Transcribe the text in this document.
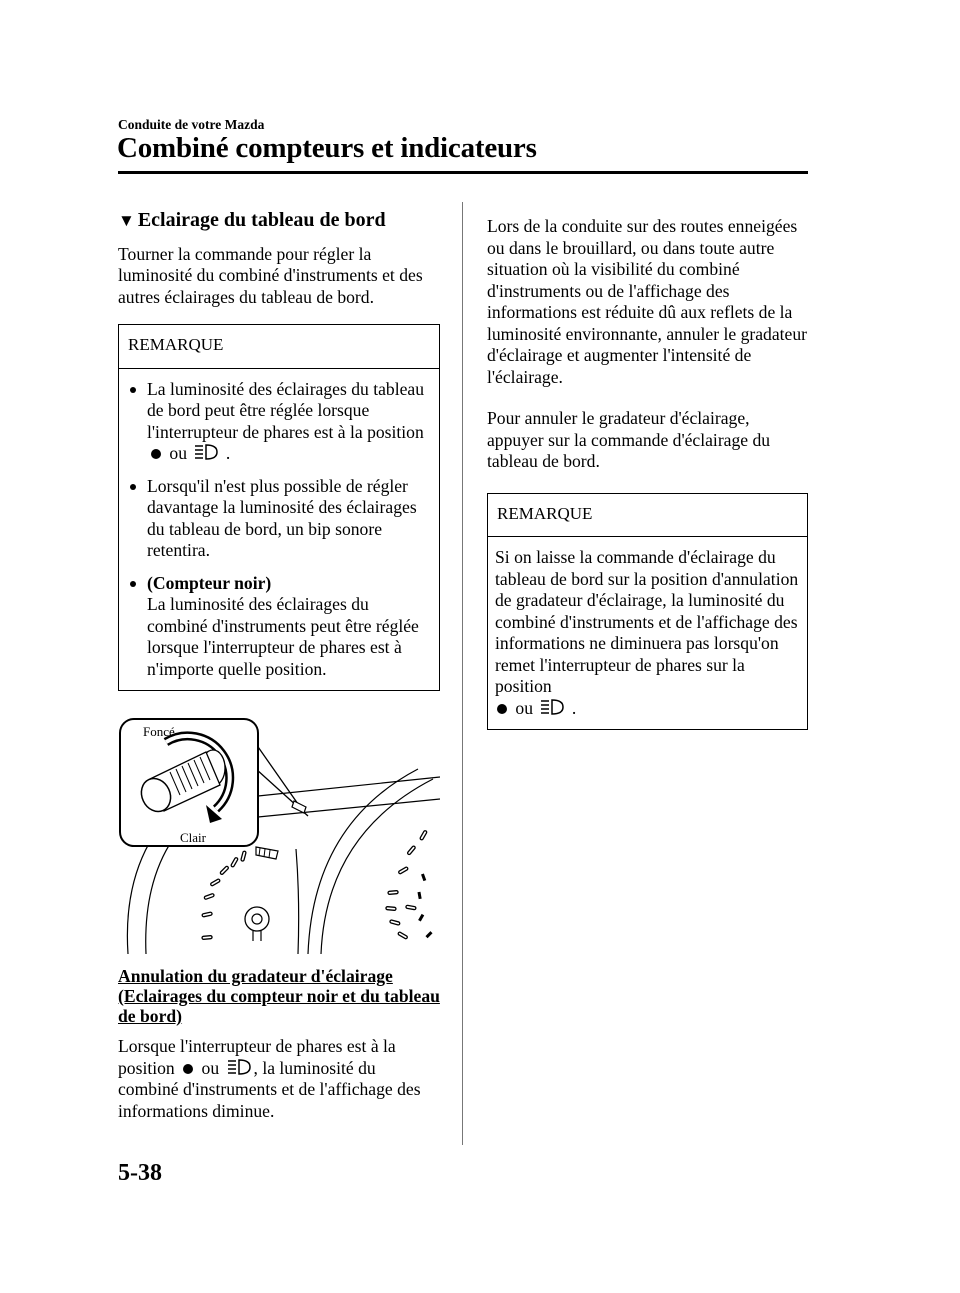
Conduite de votre Mazda
Combiné compteurs et indicateurs
▼ Eclairage du tableau de bord

Tourner la commande pour régler la luminosité du combiné d'instruments et des autres éclairages du tableau de bord.

REMARQUE
La luminosité des éclairages du tableau de bord peut être réglée lorsque l'interrupteur de phares est à la position  ou .
Lorsqu'il n'est plus possible de régler davantage la luminosité des éclairages du tableau de bord, un bip sonore retentira.
(Compteur noir)
La luminosité des éclairages du combiné d'instruments peut être réglée lorsque l'interrupteur de phares est à n'importe quelle position.
Foncé
Clair
Annulation du gradateur d'éclairage (Eclairages du compteur noir et du tableau de bord)

Lorsque l'interrupteur de phares est à la position ou , la luminosité du combiné d'instruments et de l'affichage des informations diminue.

Lors de la conduite sur des routes enneigées ou dans le brouillard, ou dans toute autre situation où la visibilité du combiné d'instruments ou de l'affichage des informations est réduite dû aux reflets de la luminosité environnante, annuler le gradateur d'éclairage et augmenter l'intensité de l'éclairage.

Pour annuler le gradateur d'éclairage, appuyer sur la commande d'éclairage du tableau de bord.

REMARQUE

Si on laisse la commande d'éclairage du tableau de bord sur la position d'annulation de gradateur d'éclairage, la luminosité du combiné d'instruments et de l'affichage des informations ne diminuera pas lorsqu'on remet l'interrupteur de phares sur la position
ou .

5-38
